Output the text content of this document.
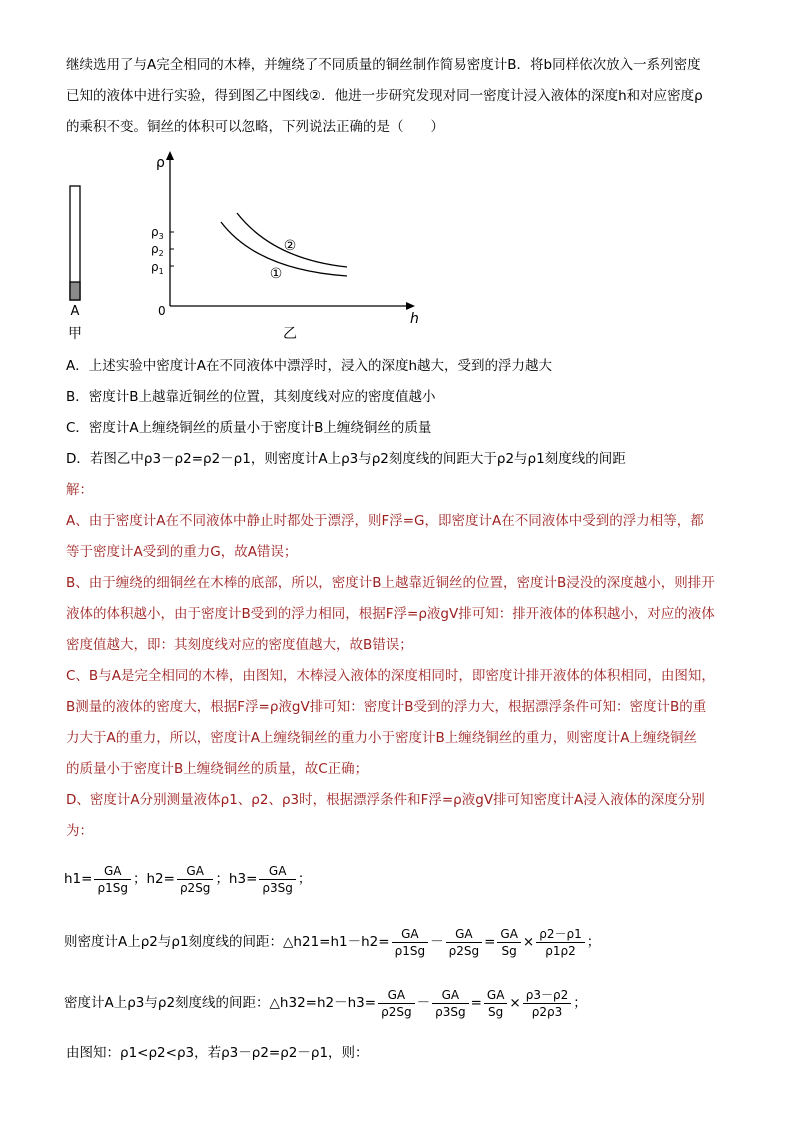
继续选用了与A完全相同的木棒，并缠绕了不同质量的铜丝制作简易密度计B．将b同样依次放入一系列密度
已知的液体中进行实验，得到图乙中图线②．他进一步研究发现对同一密度计浸入液体的深度h和对应密度ρ
的乘积不变。铜丝的体积可以忽略，下列说法正确的是（　　）
A
甲
ρ
h
0
$\rho_3$
$\rho_2$
$\rho_1$
②
①
乙
A．上述实验中密度计A在不同液体中漂浮时，浸入的深度h越大，受到的浮力越大
B．密度计B上越靠近铜丝的位置，其刻度线对应的密度值越小
C．密度计A上缠绕铜丝的质量小于密度计B上缠绕铜丝的质量
D．若图乙中ρ3－ρ2=ρ2－ρ1，则密度计A上ρ3与ρ2刻度线的间距大于ρ2与ρ1刻度线的间距
解：
A、由于密度计A在不同液体中静止时都处于漂浮，则F浮=G，即密度计A在不同液体中受到的浮力相等，都
等于密度计A受到的重力G，故A错误；
B、由于缠绕的细铜丝在木棒的底部，所以，密度计B上越靠近铜丝的位置，密度计B浸没的深度越小，则排开
液体的体积越小，由于密度计B受到的浮力相同，根据F浮=ρ液gV排可知：排开液体的体积越小，对应的液体
密度值越大，即：其刻度线对应的密度值越大，故B错误；
C、B与A是完全相同的木棒，由图知，木棒浸入液体的深度相同时，即密度计排开液体的体积相同，由图知，
B测量的液体的密度大，根据F浮=ρ液gV排可知：密度计B受到的浮力大，根据漂浮条件可知：密度计B的重
力大于A的重力，所以，密度计A上缠绕铜丝的重力小于密度计B上缠绕铜丝的重力，则密度计A上缠绕铜丝
的质量小于密度计B上缠绕铜丝的质量，故C正确；
D、密度计A分别测量液体ρ1、ρ2、ρ3时，根据漂浮条件和F浮=ρ液gV排可知密度计A浸入液体的深度分别
为：
$h1= \frac{GA}{\rho 1Sg}$ ；$h2= \frac{GA}{\rho 2Sg}$ ；$h3= \frac{GA}{\rho 3Sg}$ ；
则密度计A上ρ2与ρ1刻度线的间距：△h21=h1－h2= $\frac{GA}{\rho 1Sg} - \frac{GA}{\rho 2Sg} = \frac{GA}{Sg} \times \frac{\rho 2-\rho 1}{\rho 1\rho 2}$ ；
密度计A上ρ3与ρ2刻度线的间距：△h32=h2－h3= $\frac{GA}{\rho 2Sg} - \frac{GA}{\rho 3Sg} = \frac{GA}{Sg} \times \frac{\rho 3-\rho 2}{\rho 2\rho 3}$ ；
由图知：ρ1<ρ2<ρ3，若ρ3－ρ2=ρ2－ρ1，则：
